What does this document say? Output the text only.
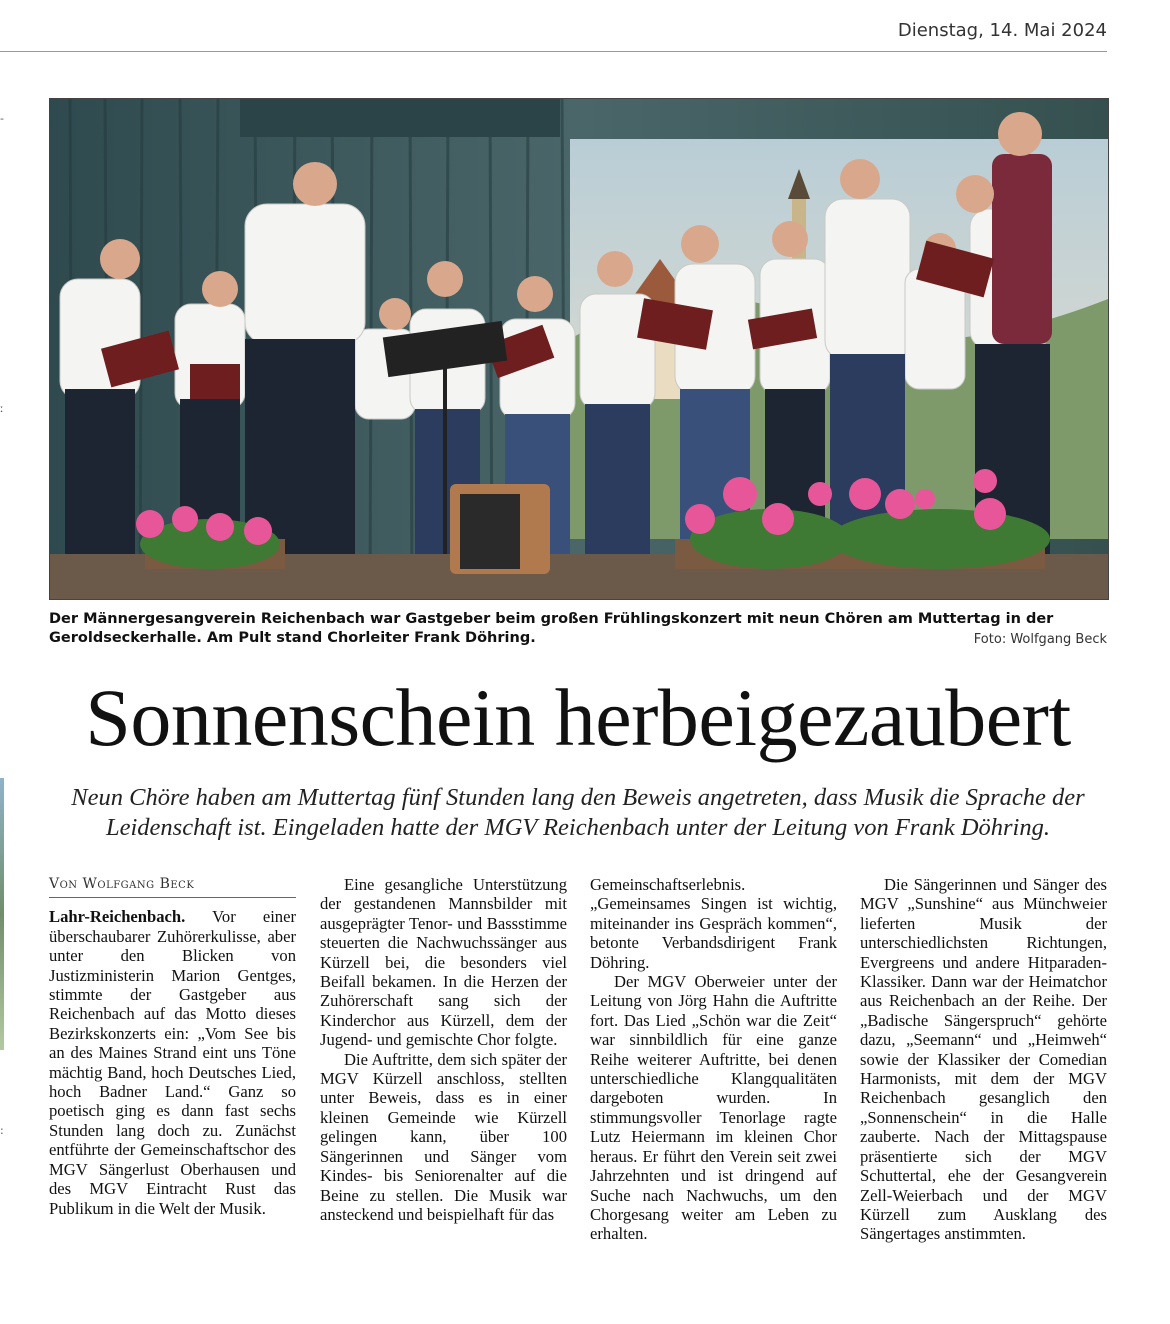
Dienstag, 14. Mai 2024
-
ː
:
Der Männergesangverein Reichenbach war Gastgeber beim großen Frühlingskonzert mit neun Chören am Muttertag in der Geroldseckerhalle. Am Pult stand Chorleiter Frank Döhring.	Foto: Wolfgang Beck
Sonnenschein herbeigezaubert
Neun Chöre haben am Muttertag fünf Stunden lang den Beweis angetreten, dass Musik die Sprache der Leidenschaft ist. Eingeladen hatte der MGV Reichenbach unter der Leitung von Frank Döhring.
Von Wolfgang Beck

Lahr-Reichenbach. Vor einer überschaubarer Zuhörerkulisse, aber unter den Blicken von Justizministerin Marion Gentges, stimmte der Gastgeber aus Reichenbach auf das Motto dieses Bezirkskonzerts ein: „Vom See bis an des Maines Strand eint uns Töne mächtig Band, hoch Deutsches Lied, hoch Badner Land.“ Ganz so poetisch ging es dann fast sechs Stunden lang doch zu. Zunächst entführte der Gemeinschaftschor des MGV Sängerlust Oberhausen und des MGV Eintracht Rust das Publikum in die Welt der Musik.

Eine gesangliche Unterstützung der gestandenen Mannsbilder mit ausgeprägter Tenor- und Bassstimme steuerten die Nachwuchssänger aus Kürzell bei, die besonders viel Beifall bekamen. In die Herzen der Zuhörerschaft sang sich der Kinderchor aus Kürzell, dem der Jugend- und gemischte Chor folgte.

Die Auftritte, dem sich später der MGV Kürzell anschloss, stellten unter Beweis, dass es in einer kleinen Gemeinde wie Kürzell gelingen kann, über 100 Sängerinnen und Sänger vom Kindes- bis Seniorenalter auf die Beine zu stellen. Die Musik war ansteckend und beispielhaft für das

Gemeinschaftserlebnis. „Gemeinsames Singen ist wichtig, miteinander ins Gespräch kommen“, betonte Verbandsdirigent Frank Döhring.

Der MGV Oberweier unter der Leitung von Jörg Hahn die Auftritte fort. Das Lied „Schön war die Zeit“ war sinnbildlich für eine ganze Reihe weiterer Auftritte, bei denen unterschiedliche Klangqualitäten dargeboten wurden. In stimmungsvoller Tenorlage ragte Lutz Heiermann im kleinen Chor heraus. Er führt den Verein seit zwei Jahrzehnten und ist dringend auf Suche nach Nachwuchs, um den Chorgesang weiter am Leben zu erhalten.

Die Sängerinnen und Sänger des MGV „Sunshine“ aus Münchweier lieferten Musik der unterschiedlichsten Richtungen, Evergreens und andere Hitparaden-Klassiker. Dann war der Heimatchor aus Reichenbach an der Reihe. Der „Badische Sängerspruch“ gehörte dazu, „Seemann“ und „Heimweh“ sowie der Klassiker der Comedian Harmonists, mit dem der MGV Reichenbach gesanglich den „Sonnenschein“ in die Halle zauberte. Nach der Mittagspause präsentierte sich der MGV Schuttertal, ehe der Gesangverein Zell-Weierbach und der MGV Kürzell zum Ausklang des Sängertages anstimmten.
